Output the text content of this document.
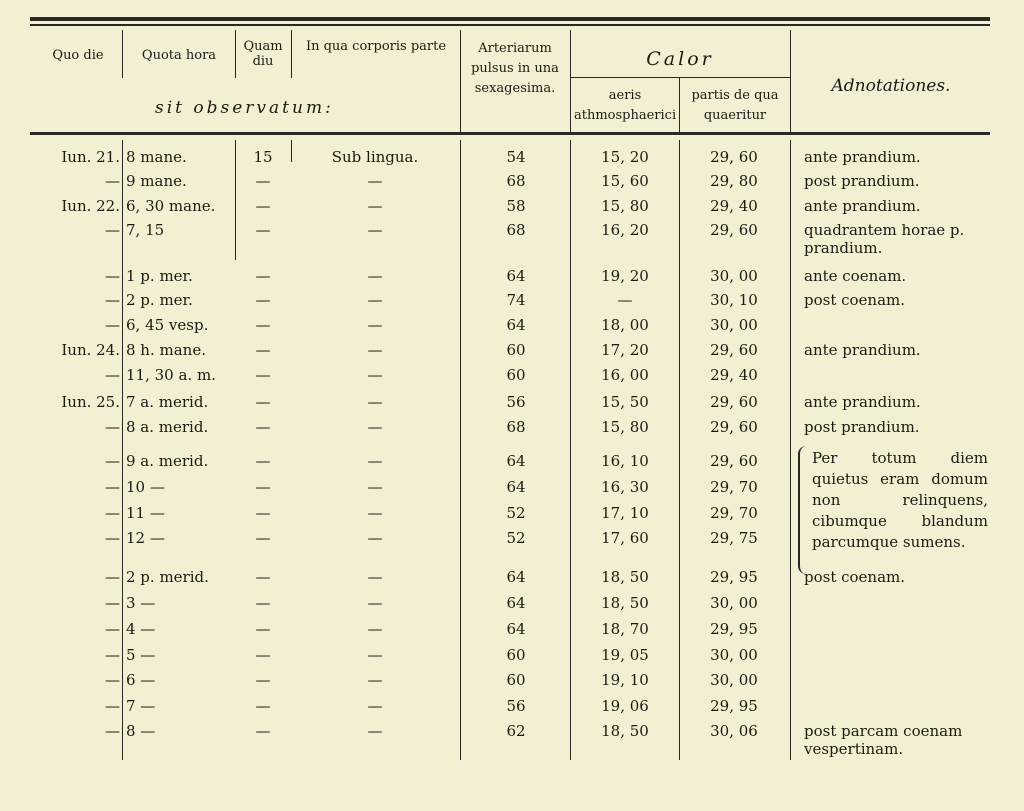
Quo die	Quota hora
Quam diu
In qua corporis parte	Arteriarum pulsus in una sexagesima.
sit observatum:
Calor
aeris athmosphaerici
partis de qua quaeritur
Adnotationes.
Iun. 21. 8 mane.	15	Sub lingua.	54	15, 20	29, 60	ante prandium.
— 9 mane.	—	—	68	15, 60	29, 80	post prandium.
Iun. 22. 6, 30 mane.	—	—	58	15, 80	29, 40	ante prandium.
— 7, 15	—	—	68	16, 20	29, 60	quadrantem horae p. prandium.
— 1 p. mer.	—	—	64	19, 20	30, 00	ante coenam.
— 2 p. mer.	—	—	74	—	30, 10	post coenam.
— 6, 45 vesp.	—	—	64	18, 00	30, 00
Iun. 24. 8 h. mane.	—	—	60	17, 20	29, 60	ante prandium.
— 11, 30 a. m.	—	—	60	16, 00	29, 40
Iun. 25. 7 a. merid.	—	—	56	15, 50	29, 60	ante prandium.
— 8 a. merid.	—	—	68	15, 80	29, 60	post prandium.
— 9 a. merid.	—	—	64	16, 10	29, 60
— 10 —	—	—	64	16, 30	29, 70
— 11 —	—	—	52	17, 10	29, 70
— 12 —	—	—	52	17, 60	29, 75
— 2 p. merid.	—	—	64	18, 50	29, 95	post coenam.
— 3 —	—	—	64	18, 50	30, 00
— 4 —	—	—	64	18, 70	29, 95
— 5 —	—	—	60	19, 05	30, 00
— 6 —	—	—	60	19, 10	30, 00
— 7 —	—	—	56	19, 06	29, 95
— 8 —	—	—	62	18, 50	30, 06	post parcam coenam vespertinam.
Per totum diem quietus eram domum non relinquens, cibumque blandum parcumque sumens.
